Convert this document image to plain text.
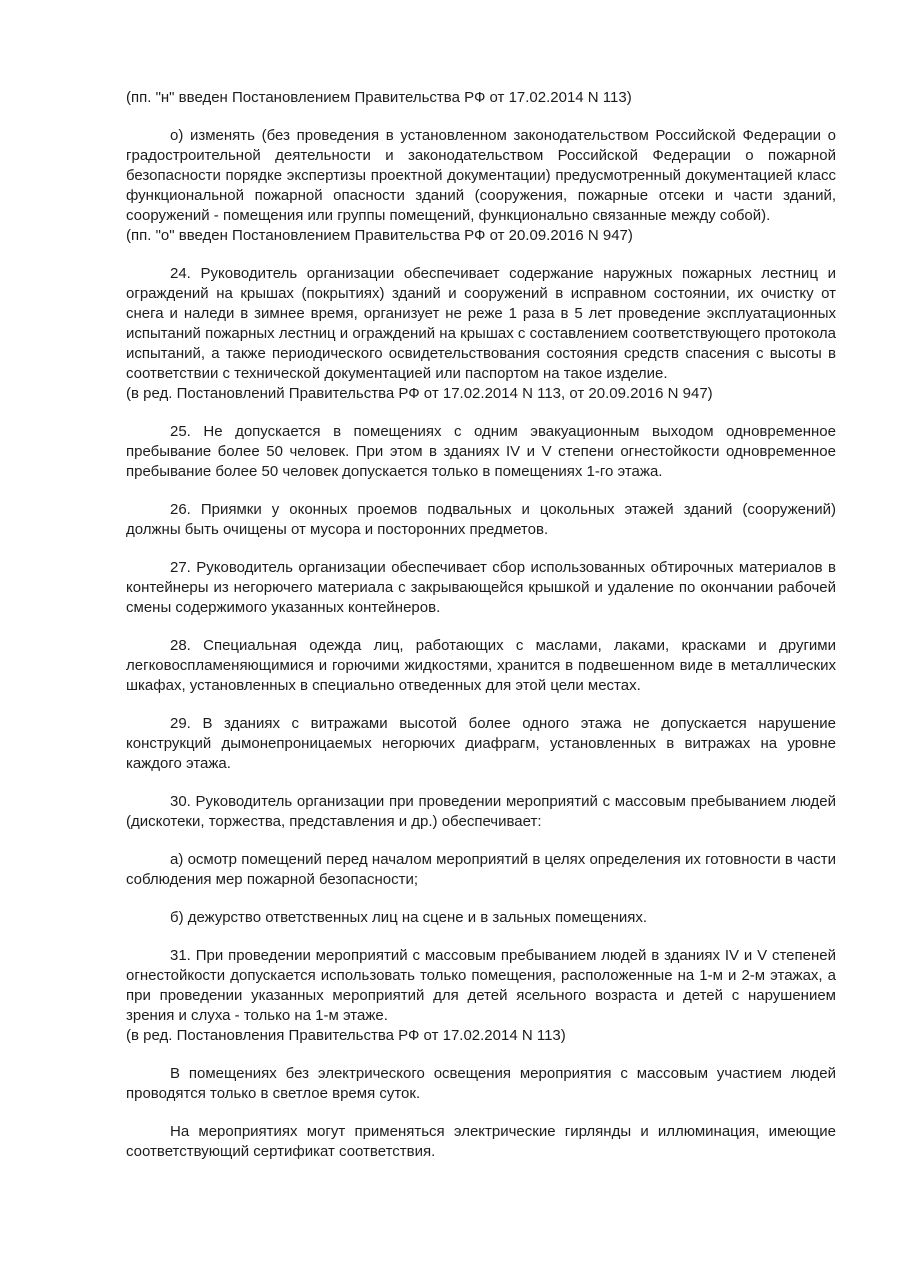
(пп. "н" введен Постановлением Правительства РФ от 17.02.2014 N 113)

о) изменять (без проведения в установленном законодательством Российской Федерации о градостроительной деятельности и законодательством Российской Федерации о пожарной безопасности порядке экспертизы проектной документации) предусмотренный документацией класс функциональной пожарной опасности зданий (сооружения, пожарные отсеки и части зданий, сооружений - помещения или группы помещений, функционально связанные между собой).

(пп. "о" введен Постановлением Правительства РФ от 20.09.2016 N 947)

24. Руководитель организации обеспечивает содержание наружных пожарных лестниц и ограждений на крышах (покрытиях) зданий и сооружений в исправном состоянии, их очистку от снега и наледи в зимнее время, организует не реже 1 раза в 5 лет проведение эксплуатационных испытаний пожарных лестниц и ограждений на крышах с составлением соответствующего протокола испытаний, а также периодического освидетельствования состояния средств спасения с высоты в соответствии с технической документацией или паспортом на такое изделие.

(в ред. Постановлений Правительства РФ от 17.02.2014 N 113, от 20.09.2016 N 947)

25. Не допускается в помещениях с одним эвакуационным выходом одновременное пребывание более 50 человек. При этом в зданиях IV и V степени огнестойкости одновременное пребывание более 50 человек допускается только в помещениях 1-го этажа.

26. Приямки у оконных проемов подвальных и цокольных этажей зданий (сооружений) должны быть очищены от мусора и посторонних предметов.

27. Руководитель организации обеспечивает сбор использованных обтирочных материалов в контейнеры из негорючего материала с закрывающейся крышкой и удаление по окончании рабочей смены содержимого указанных контейнеров.

28. Специальная одежда лиц, работающих с маслами, лаками, красками и другими легковоспламеняющимися и горючими жидкостями, хранится в подвешенном виде в металлических шкафах, установленных в специально отведенных для этой цели местах.

29. В зданиях с витражами высотой более одного этажа не допускается нарушение конструкций дымонепроницаемых негорючих диафрагм, установленных в витражах на уровне каждого этажа.

30. Руководитель организации при проведении мероприятий с массовым пребыванием людей (дискотеки, торжества, представления и др.) обеспечивает:

а) осмотр помещений перед началом мероприятий в целях определения их готовности в части соблюдения мер пожарной безопасности;

б) дежурство ответственных лиц на сцене и в зальных помещениях.

31. При проведении мероприятий с массовым пребыванием людей в зданиях IV и V степеней огнестойкости допускается использовать только помещения, расположенные на 1-м и 2-м этажах, а при проведении указанных мероприятий для детей ясельного возраста и детей с нарушением зрения и слуха - только на 1-м этаже.

(в ред. Постановления Правительства РФ от 17.02.2014 N 113)

В помещениях без электрического освещения мероприятия с массовым участием людей проводятся только в светлое время суток.

На мероприятиях могут применяться электрические гирлянды и иллюминация, имеющие соответствующий сертификат соответствия.
